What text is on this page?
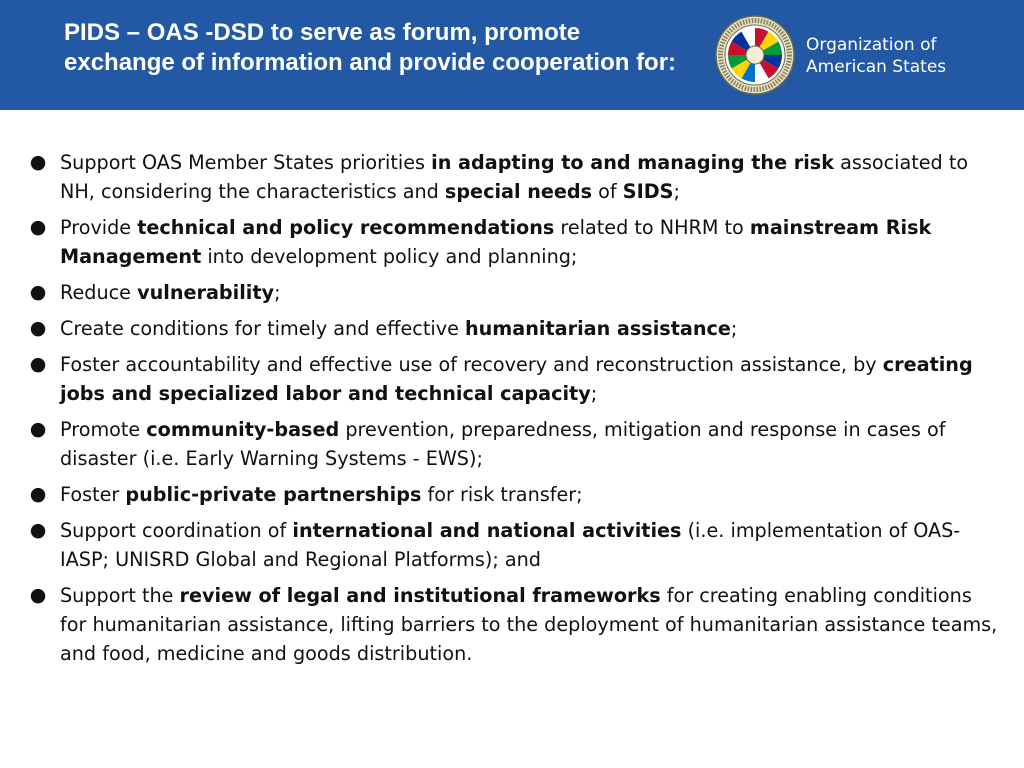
PIDS – OAS -DSD to serve as forum, promote exchange of information and provide cooperation for:
Organization of
American States
● Support OAS Member States priorities in adapting to and managing the risk associated to NH, considering the characteristics and special needs of SIDS;
● Provide technical and policy recommendations related to NHRM to mainstream Risk Management into development policy and planning;
● Reduce vulnerability;
● Create conditions for timely and effective humanitarian assistance;
● Foster accountability and effective use of recovery and reconstruction assistance, by creating jobs and specialized labor and technical capacity;
● Promote community-based prevention, preparedness, mitigation and response in cases of disaster (i.e. Early Warning Systems - EWS);
● Foster public-private partnerships for risk transfer;
● Support coordination of international and national activities (i.e. implementation of OAS-IASP; UNISRD Global and Regional Platforms); and
● Support the review of legal and institutional frameworks for creating enabling conditions for humanitarian assistance, lifting barriers to the deployment of humanitarian assistance teams, and food, medicine and goods distribution.
